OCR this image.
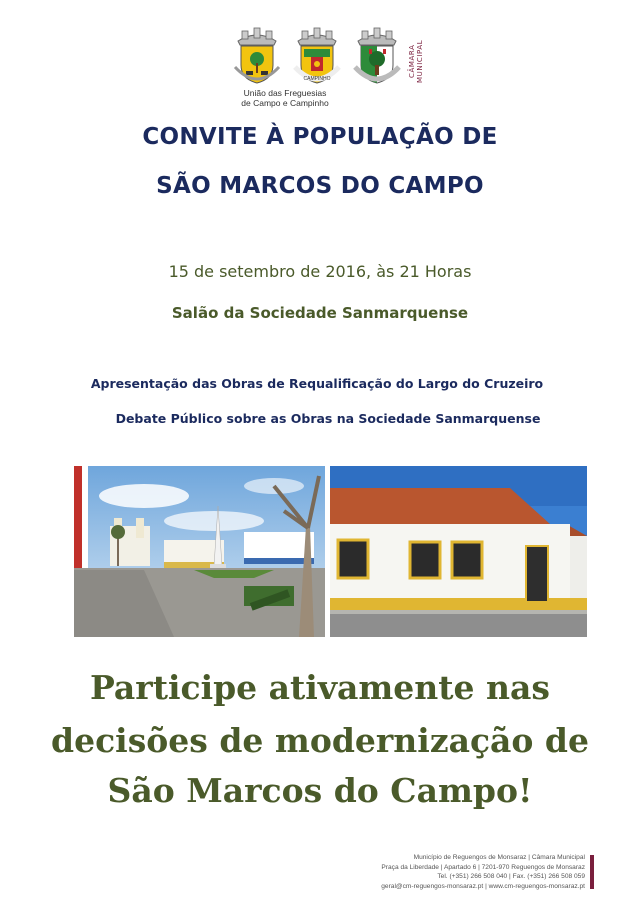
CAMPINHO
CÂMARA MUNICIPAL
União das Freguesias
de Campo e Campinho
CONVITE À POPULAÇÃO DE
SÃO MARCOS DO CAMPO
15 de setembro de 2016, às 21 Horas
Salão da Sociedade Sanmarquense
Apresentação das Obras de Requalificação do Largo do Cruzeiro
Debate Público sobre as Obras na Sociedade Sanmarquense
Participe ativamente nas
decisões de modernização de
São Marcos do Campo!
Município de Reguengos de Monsaraz | Câmara Municipal
Praça da Liberdade | Apartado 6 | 7201-970 Reguengos de Monsaraz
Tel. (+351) 266 508 040 | Fax. (+351) 266 508 059
geral@cm-reguengos-monsaraz.pt | www.cm-reguengos-monsaraz.pt
